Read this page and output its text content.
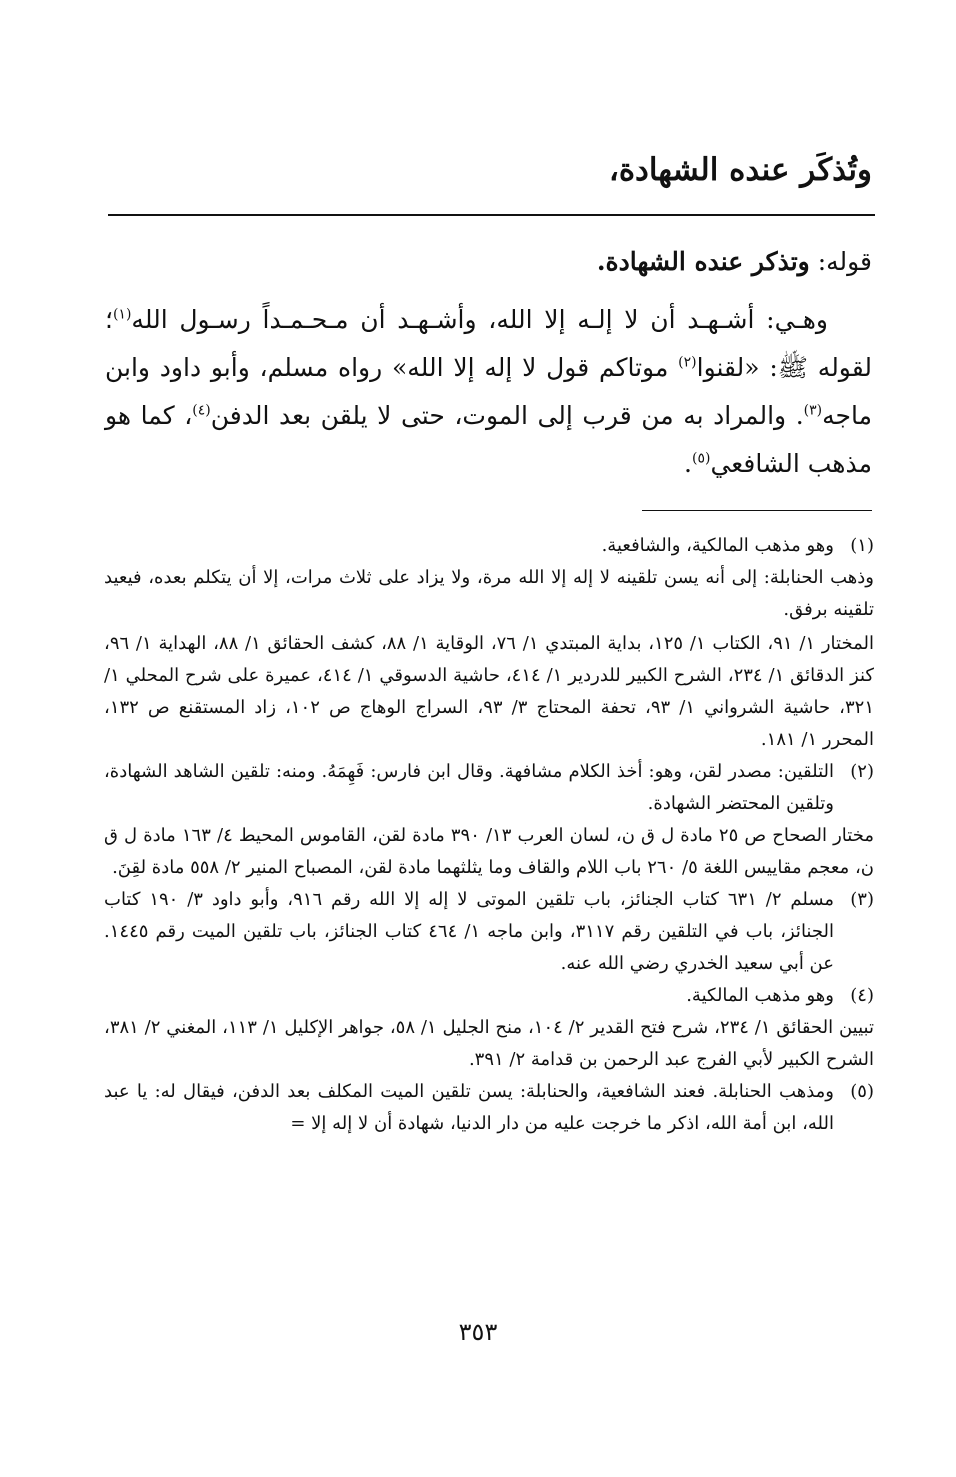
وتُذكَر عنده الشهادة،
قوله: وتذكر عنده الشهادة.

وهـي: أشـهـد أن لا إلـه إلا الله، وأشـهـد أن مـحـمـداً رسـول الله$^{(١)}$؛ لقوله ﷺ: «لقنوا$^{(٢)}$ موتاكم قول لا إله إلا الله» رواه مسلم، وأبو داود وابن ماجه$^{(٣)}$. والمراد به من قرب إلى الموت، حتى لا يلقن بعد الدفن$^{(٤)}$، كما هو مذهب الشافعي$^{(٥)}$.

(١)

وهو مذهب المالكية، والشافعية.

وذهب الحنابلة: إلى أنه يسن تلقينه لا إله إلا الله مرة، ولا يزاد على ثلاث مرات، إلا أن يتكلم بعده، فيعيد تلقينه برفق.

المختار ١/ ٩١، الكتاب ١/ ١٢٥، بداية المبتدي ١/ ٧٦، الوقاية ١/ ٨٨، كشف الحقائق ١/ ٨٨، الهداية ١/ ٩٦، كنز الدقائق ١/ ٢٣٤، الشرح الكبير للدردير ١/ ٤١٤، حاشية الدسوقي ١/ ٤١٤، عميرة على شرح المحلي ١/ ٣٢١، حاشية الشرواني ١/ ٩٣، تحفة المحتاج ٣/ ٩٣، السراج الوهاج ص ١٠٢، زاد المستقنع ص ١٣٢، المحرر ١/ ١٨١.

(٢)

التلقين: مصدر لقن، وهو: أخذ الكلام مشافهة. وقال ابن فارس: فَهِمَهُ. ومنه: تلقين الشاهد الشهادة، وتلقين المحتضر الشهادة.

مختار الصحاح ص ٢٥ مادة ل ق ن، لسان العرب ١٣/ ٣٩٠ مادة لقن، القاموس المحيط ٤/ ١٦٣ مادة ل ق ن، معجم مقاييس اللغة ٥/ ٢٦٠ باب اللام والقاف وما يثلثهما مادة لقن، المصباح المنير ٢/ ٥٥٨ مادة لقِنَ.

(٣)

مسلم ٢/ ٦٣١ كتاب الجنائز، باب تلقين الموتى لا إله إلا الله رقم ٩١٦، وأبو داود ٣/ ١٩٠ كتاب الجنائز، باب في التلقين رقم ٣١١٧، وابن ماجه ١/ ٤٦٤ كتاب الجنائز، باب تلقين الميت رقم ١٤٤٥. عن أبي سعيد الخدري رضي الله عنه.

(٤)

وهو مذهب المالكية.

تبيين الحقائق ١/ ٢٣٤، شرح فتح القدير ٢/ ١٠٤، منح الجليل ١/ ٥٨، جواهر الإكليل ١/ ١١٣، المغني ٢/ ٣٨١، الشرح الكبير لأبي الفرج عبد الرحمن بن قدامة ٢/ ٣٩١.

(٥)

ومذهب الحنابلة. فعند الشافعية، والحنابلة: يسن تلقين الميت المكلف بعد الدفن، فيقال له: يا عبد الله، ابن أمة الله، اذكر ما خرجت عليه من دار الدنيا، شهادة أن لا إله إلا =

٣٥٣
